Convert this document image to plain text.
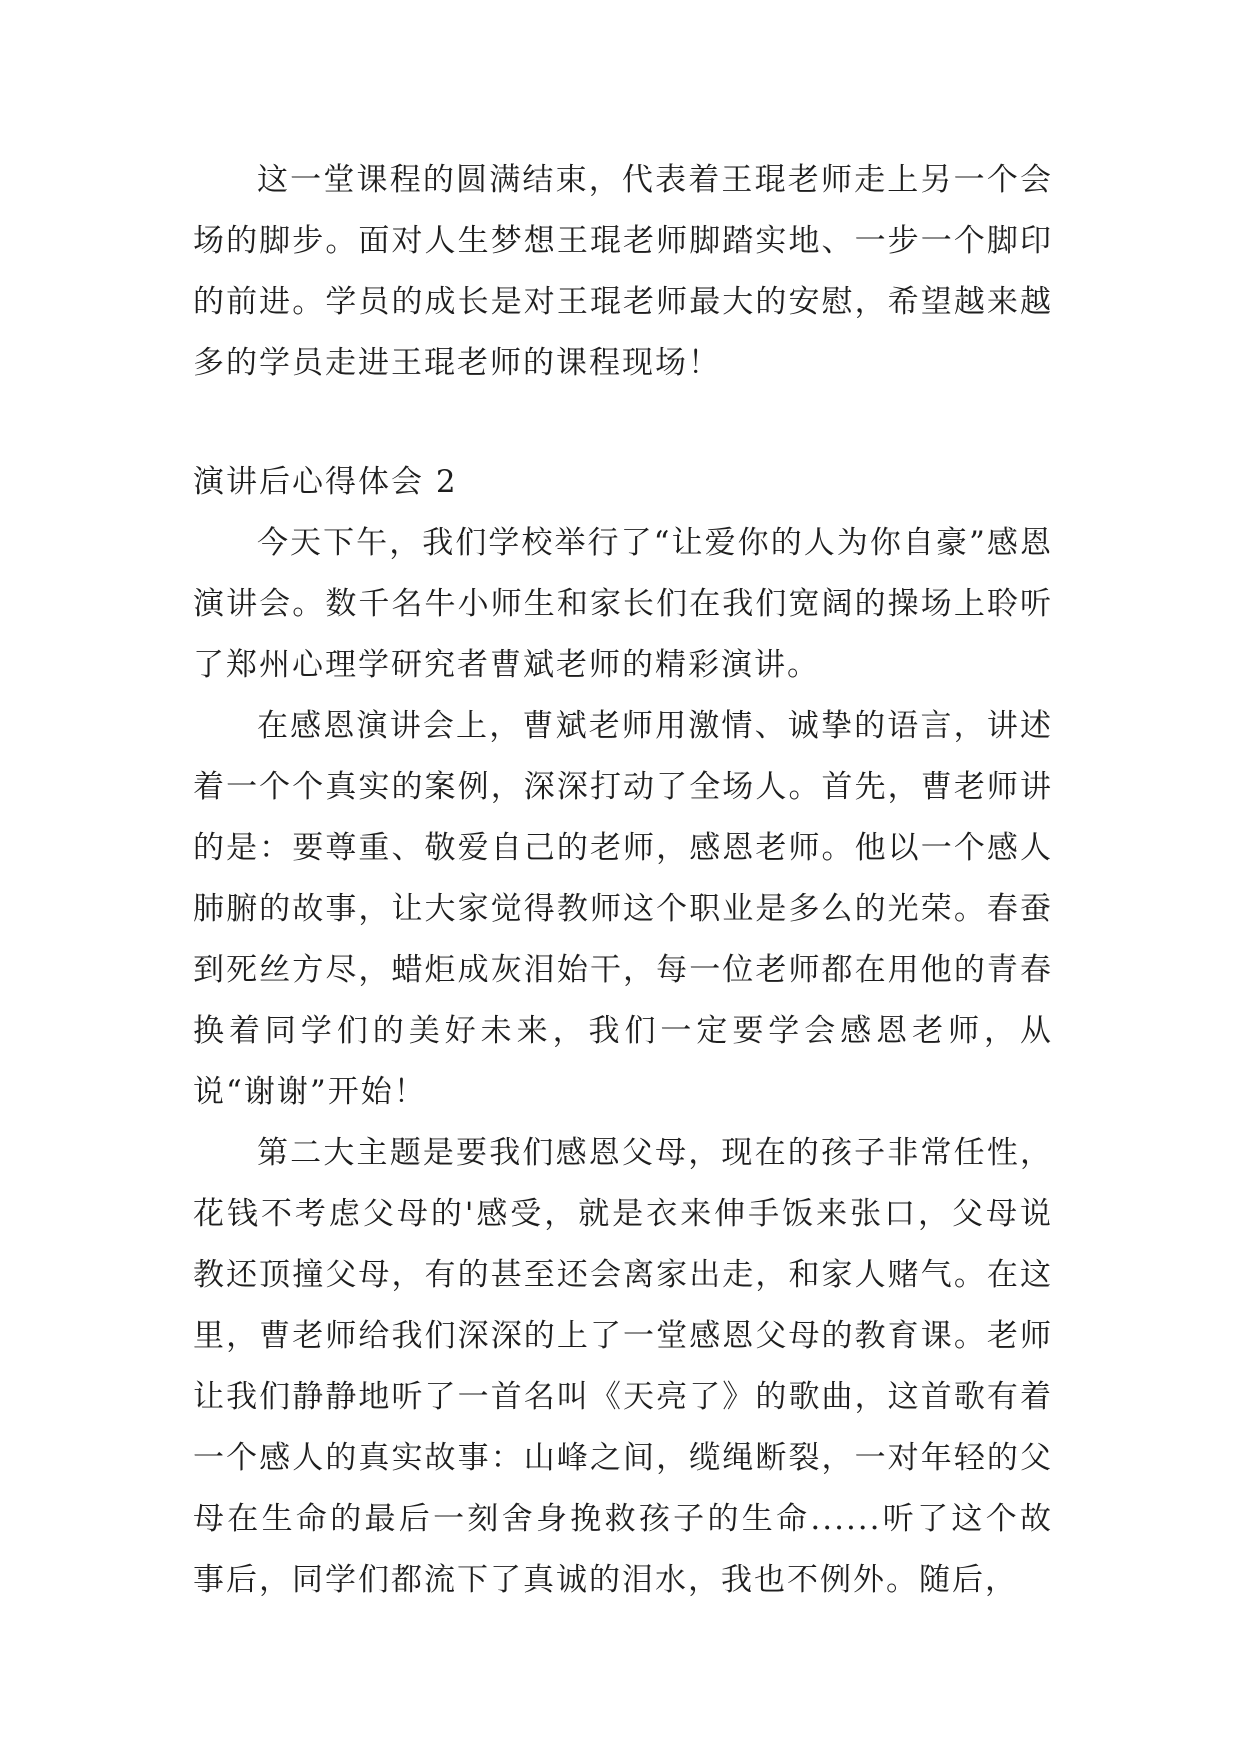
这一堂课程的圆满结束，代表着王琨老师走上另一个会场的脚步。面对人生梦想王琨老师脚踏实地、一步一个脚印的前进。学员的成长是对王琨老师最大的安慰，希望越来越多的学员走进王琨老师的课程现场！

演讲后心得体会 2

今天下午，我们学校举行了“让爱你的人为你自豪”感恩演讲会。数千名牛小师生和家长们在我们宽阔的操场上聆听了郑州心理学研究者曹斌老师的精彩演讲。

在感恩演讲会上，曹斌老师用激情、诚挚的语言，讲述着一个个真实的案例，深深打动了全场人。首先，曹老师讲的是：要尊重、敬爱自己的老师，感恩老师。他以一个感人肺腑的故事，让大家觉得教师这个职业是多么的光荣。春蚕到死丝方尽，蜡炬成灰泪始干，每一位老师都在用他的青春换着同学们的美好未来，我们一定要学会感恩老师，从说“谢谢”开始！

第二大主题是要我们感恩父母，现在的孩子非常任性，花钱不考虑父母的'感受，就是衣来伸手饭来张口，父母说教还顶撞父母，有的甚至还会离家出走，和家人赌气。在这里，曹老师给我们深深的上了一堂感恩父母的教育课。老师让我们静静地听了一首名叫《天亮了》的歌曲，这首歌有着一个感人的真实故事：山峰之间，缆绳断裂，一对年轻的父母在生命的最后一刻舍身挽救孩子的生命......听了这个故事后，同学们都流下了真诚的泪水，我也不例外。随后，
